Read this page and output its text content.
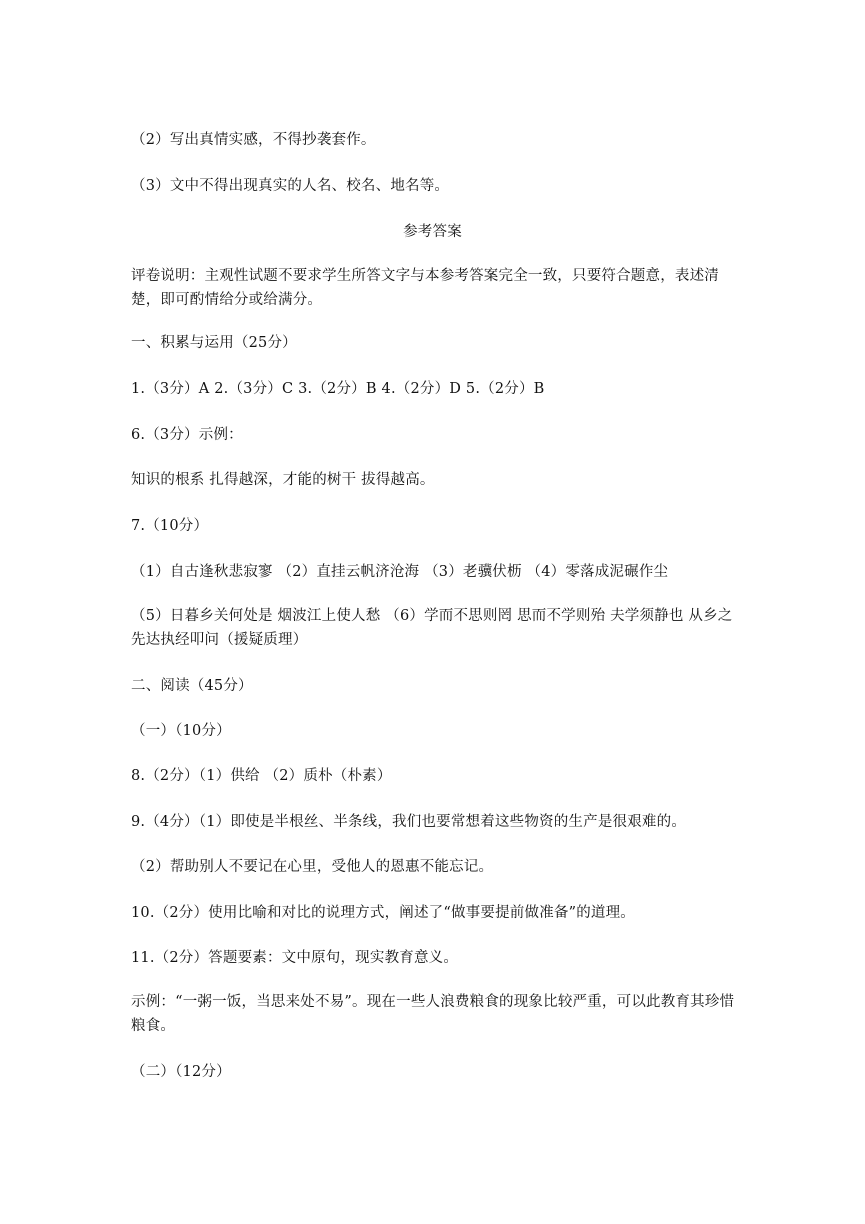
（2）写出真情实感，不得抄袭套作。
（3）文中不得出现真实的人名、校名、地名等。
参考答案
评卷说明：主观性试题不要求学生所答文字与本参考答案完全一致，只要符合题意，表述清楚，即可酌情给分或给满分。
一、积累与运用（25分）
1.（3分）A 2.（3分）C 3.（2分）B 4.（2分）D 5.（2分）B
6.（3分）示例：
知识的根系 扎得越深，才能的树干 拔得越高。
7.（10分）
（1）自古逢秋悲寂寥 （2）直挂云帆济沧海 （3）老骥伏枥 （4）零落成泥碾作尘
（5）日暮乡关何处是 烟波江上使人愁 （6）学而不思则罔 思而不学则殆 夫学须静也 从乡之先达执经叩问（援疑质理）
二、阅读（45分）
（一）（10分）
8.（2分）（1）供给 （2）质朴（朴素）
9.（4分）（1）即使是半根丝、半条线，我们也要常想着这些物资的生产是很艰难的。
（2）帮助别人不要记在心里，受他人的恩惠不能忘记。
10.（2分）使用比喻和对比的说理方式，阐述了“做事要提前做准备”的道理。
11.（2分）答题要素：文中原句，现实教育意义。
示例：“一粥一饭，当思来处不易”。现在一些人浪费粮食的现象比较严重，可以此教育其珍惜粮食。
（二）（12分）
